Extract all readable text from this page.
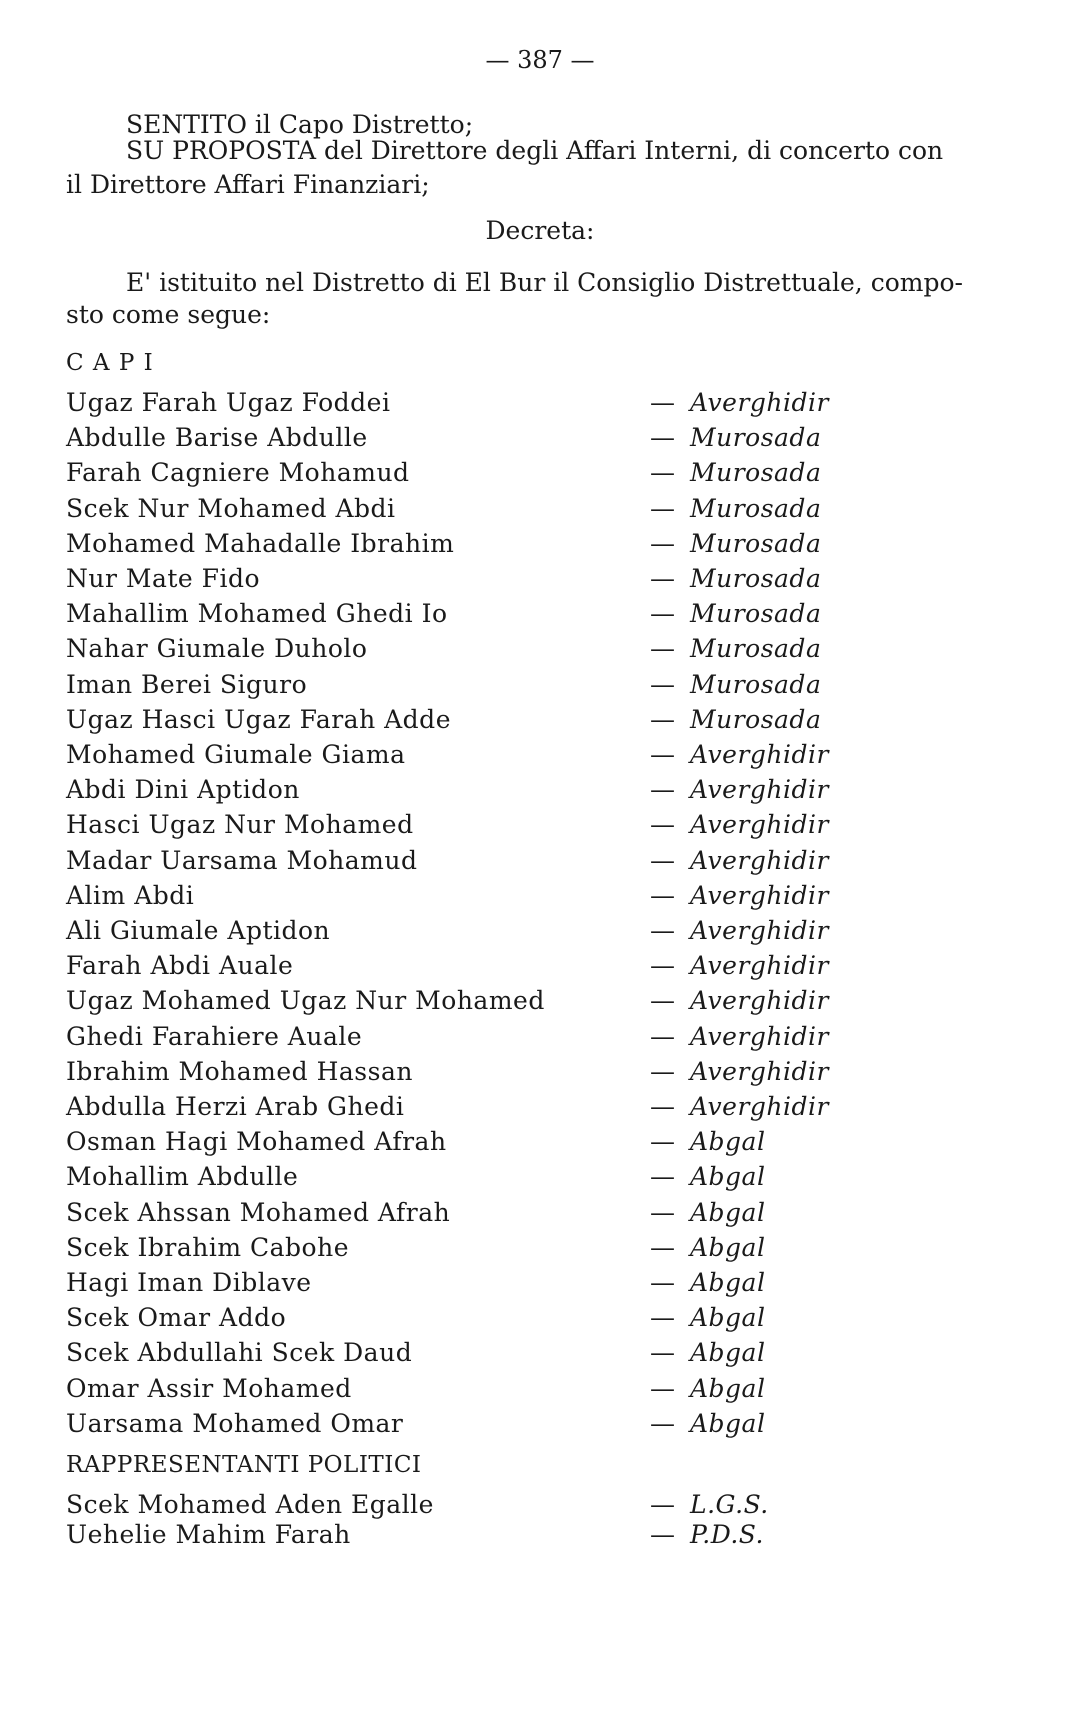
— 387 —
SENTITO il Capo Distretto;
SU PROPOSTA del Direttore degli Affari Interni, di concerto con
il Direttore Affari Finanziari;
Decreta:
E' istituito nel Distretto di El Bur il Consiglio Distrettuale, compo-
sto come segue:
C A P I
Ugaz Farah Ugaz Foddei	— Averghidir
Abdulle Barise Abdulle	— Murosada
Farah Cagniere Mohamud	— Murosada
Scek Nur Mohamed Abdi	— Murosada
Mohamed Mahadalle Ibrahim	— Murosada
Nur Mate Fido	— Murosada
Mahallim Mohamed Ghedi Io	— Murosada
Nahar Giumale Duholo	— Murosada
Iman Berei Siguro	— Murosada
Ugaz Hasci Ugaz Farah Adde	— Murosada
Mohamed Giumale Giama	— Averghidir
Abdi Dini Aptidon	— Averghidir
Hasci Ugaz Nur Mohamed	— Averghidir
Madar Uarsama Mohamud	— Averghidir
Alim Abdi	— Averghidir
Ali Giumale Aptidon	— Averghidir
Farah Abdi Auale	— Averghidir
Ugaz Mohamed Ugaz Nur Mohamed	— Averghidir
Ghedi Farahiere Auale	— Averghidir
Ibrahim Mohamed Hassan	— Averghidir
Abdulla Herzi Arab Ghedi	— Averghidir
Osman Hagi Mohamed Afrah	— Abgal
Mohallim Abdulle	— Abgal
Scek Ahssan Mohamed Afrah	— Abgal
Scek Ibrahim Cabohe	— Abgal
Hagi Iman Diblave	— Abgal
Scek Omar Addo	— Abgal
Scek Abdullahi Scek Daud	— Abgal
Omar Assir Mohamed	— Abgal
Uarsama Mohamed Omar	— Abgal
RAPPRESENTANTI POLITICI
Scek Mohamed Aden Egalle	— L.G.S.
Uehelie Mahim Farah	— P.D.S.
